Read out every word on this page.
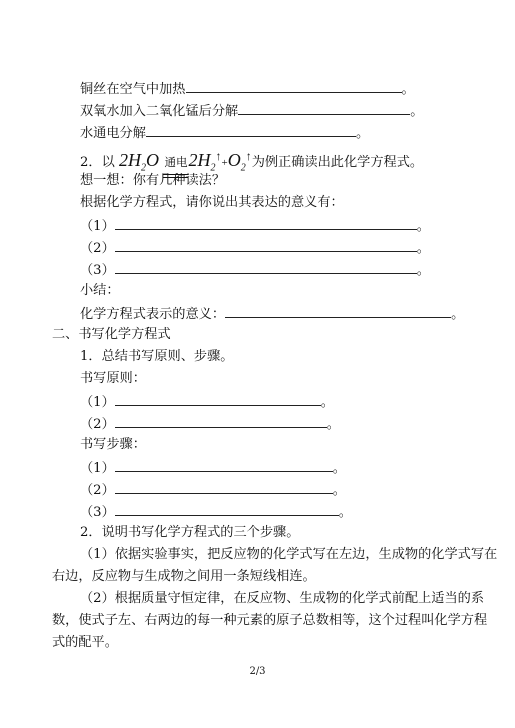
铜丝在空气中加热	。
双氧水加入二氧化锰后分解	。
水通电分解	。
2．以 $2H_2O$ 通电
$2H_2^↑+O_2^↑$为例正确读出此化学方程式。
想一想：你有几种读法？
根据化学方程式，请你说出其表达的意义有：
（1）	。
（2）	。
（3）	。
小结：
化学方程式表示的意义：	。
二、书写化学方程式
1．总结书写原则、步骤。
书写原则：
（1）	。
（2）	。
书写步骤：
（1）	。
（2）	。
（3）	。
2．说明书写化学方程式的三个步骤。
（1）依据实验事实，把反应物的化学式写在左边，生成物的化学式写在
右边，反应物与生成物之间用一条短线相连。
（2）根据质量守恒定律，在反应物、生成物的化学式前配上适当的系
数，使式子左、右两边的每一种元素的原子总数相等，这个过程叫化学方程
式的配平。
2/3
